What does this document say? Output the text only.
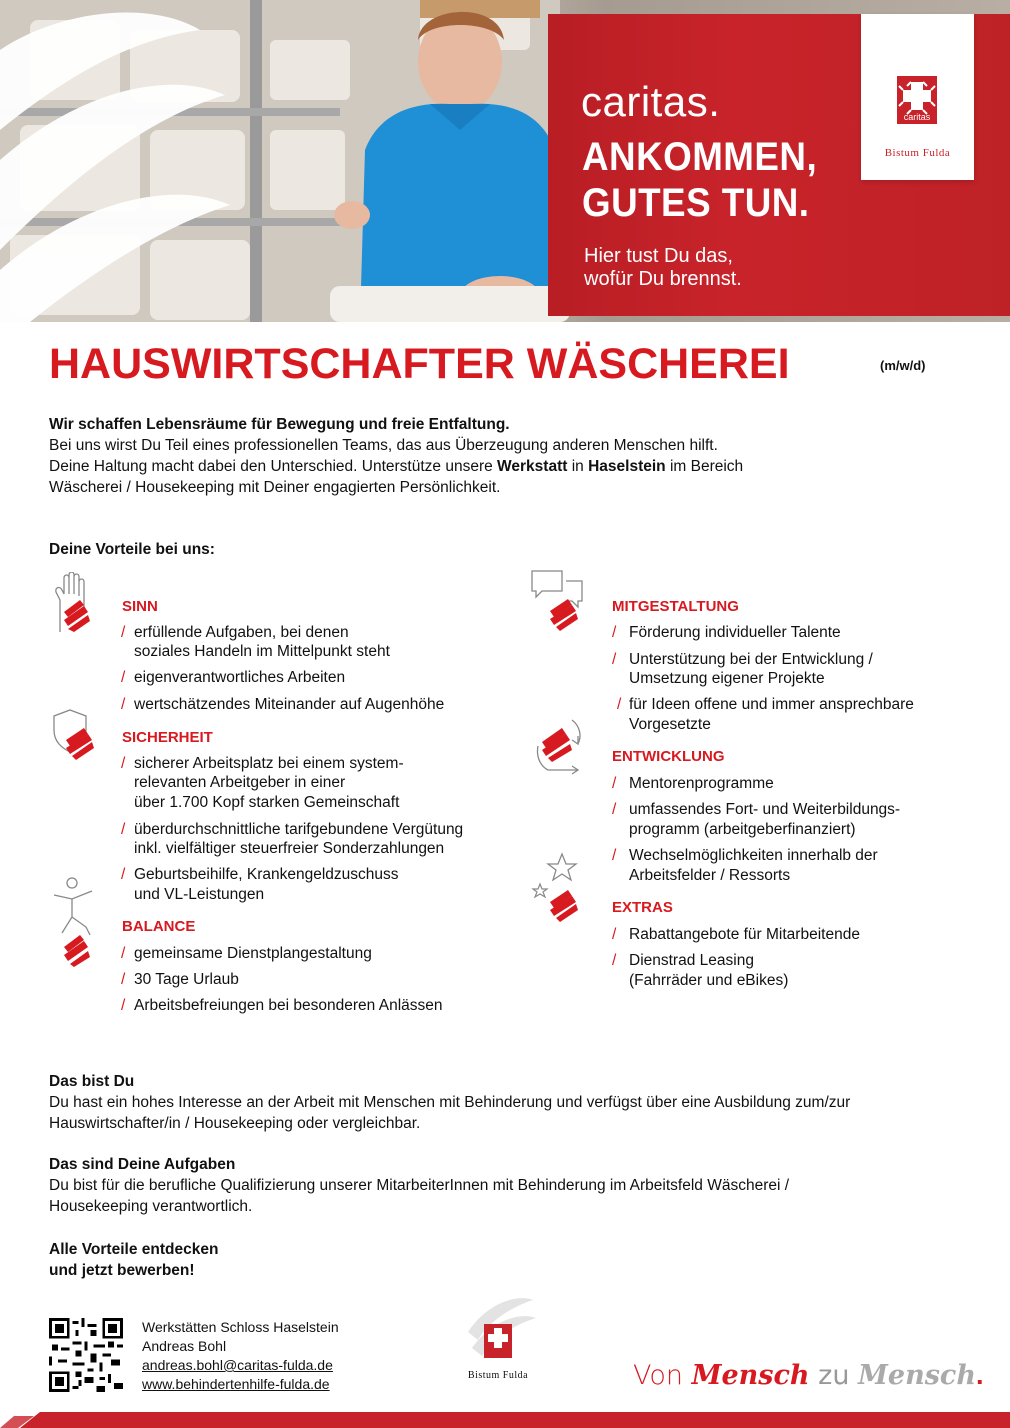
caritas.
ANKOMMEN,
GUTES TUN.
Hier tust Du das,
wofür Du brennst.
caritas
Bistum Fulda
HAUSWIRTSCHAFTER WÄSCHEREI	(m/w/d)
Wir schaffen Lebensräume für Bewegung und freie Entfaltung.
Bei uns wirst Du Teil eines professionellen Teams, das aus Überzeugung anderen Menschen hilft.
Deine Haltung macht dabei den Unterschied. Unterstütze unsere Werkstatt in Haselstein im Bereich
Wäscherei / Housekeeping mit Deiner engagierten Persönlichkeit.
Deine Vorteile bei uns:
SINN
/ erfüllende Aufgaben, bei denen
soziales Handeln im Mittelpunkt steht
/ eigenverantwortliches Arbeiten
/ wertschätzendes Miteinander auf Augenhöhe
SICHERHEIT
/ sicherer Arbeitsplatz bei einem system-
relevanten Arbeitgeber in einer
über 1.700 Kopf starken Gemeinschaft
/ überdurchschnittliche tarifgebundene Vergütung
inkl. vielfältiger steuerfreier Sonderzahlungen
/ Geburtsbeihilfe, Krankengeldzuschuss
und VL-Leistungen
BALANCE
/ gemeinsame Dienstplangestaltung
/ 30 Tage Urlaub
/ Arbeitsbefreiungen bei besonderen Anlässen
MITGESTALTUNG
/ Förderung individueller Talente
/ Unterstützung bei der Entwicklung /
Umsetzung eigener Projekte
/ für Ideen offene und immer ansprechbare
Vorgesetzte
ENTWICKLUNG
/ Mentorenprogramme
/ umfassendes Fort- und Weiterbildungs-
programm (arbeitgeberfinanziert)
/ Wechselmöglichkeiten innerhalb der
Arbeitsfelder / Ressorts
EXTRAS
/ Rabattangebote für Mitarbeitende
/ Dienstrad Leasing
(Fahrräder und eBikes)
Das bist Du
Du hast ein hohes Interesse an der Arbeit mit Menschen mit Behinderung und verfügst über eine Ausbildung zum/zur
Hauswirtschafter/in / Housekeeping oder vergleichbar.
Das sind Deine Aufgaben
Du bist für die berufliche Qualifizierung unserer MitarbeiterInnen mit Behinderung im Arbeitsfeld Wäscherei /
Housekeeping verantwortlich.
Alle Vorteile entdecken
und jetzt bewerben!
Werkstätten Schloss Haselstein
Andreas Bohl
andreas.bohl@caritas-fulda.de
www.behindertenhilfe-fulda.de
Bistum Fulda	Von Mensch zu Mensch.
